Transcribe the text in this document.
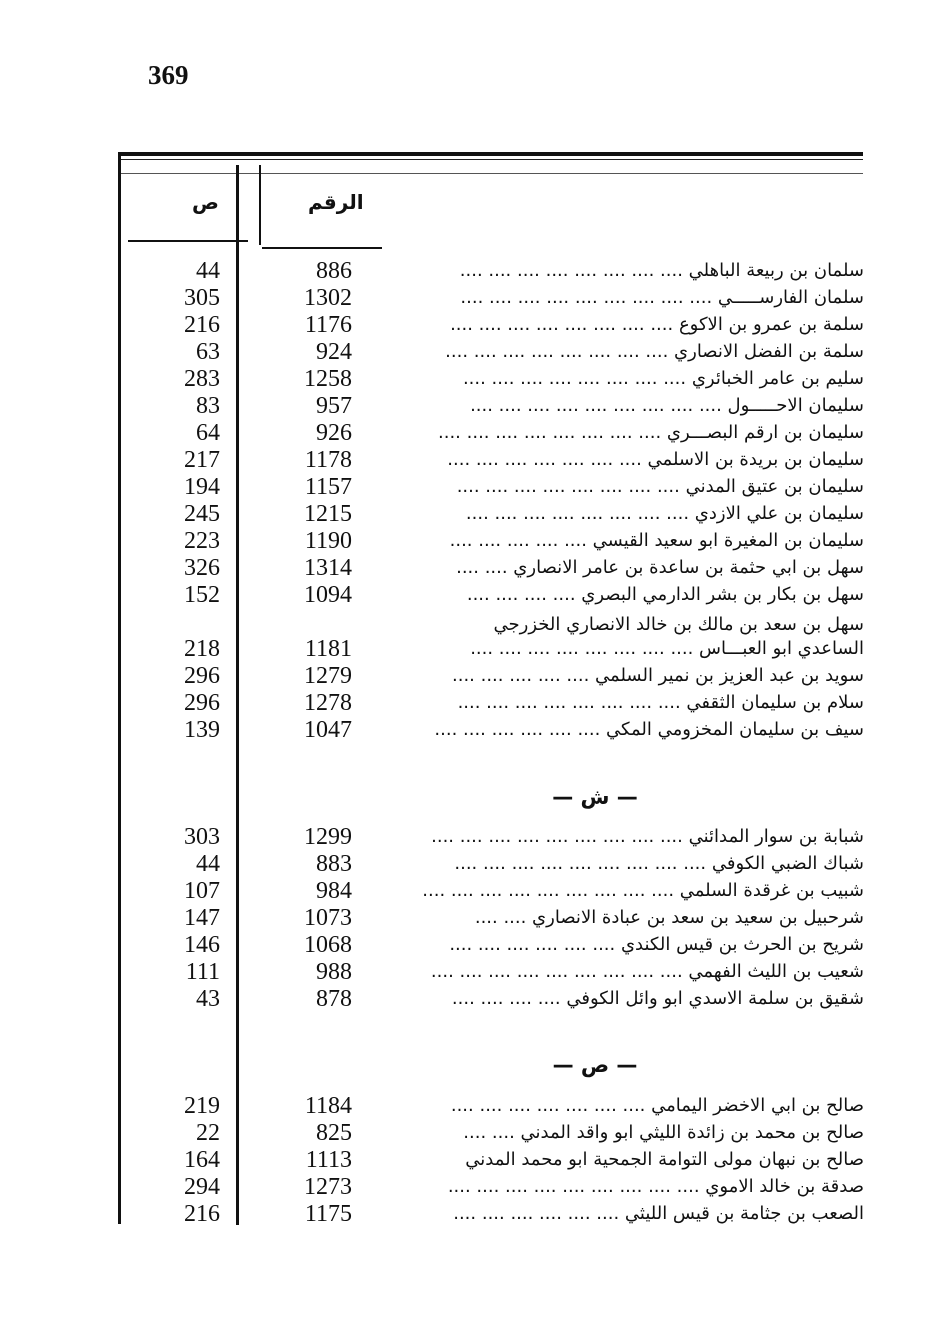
369
ص	الرقم
44	886	سلمان بن ربيعة الباهلي .... .... .... .... .... .... .... ....
305	1302	سلمان الفارســـــي .... .... .... .... .... .... .... .... ....
216	1176	سلمة بن عمرو بن الاكوع .... .... .... .... .... .... .... ....
63	924	سلمة بن الفضل الانصاري .... .... .... .... .... .... .... ....
283	1258	سليم بن عامر الخبائري .... .... .... .... .... .... .... ....
83	957	سليمان الاحـــــول .... .... .... .... .... .... .... .... ....
64	926	سليمان بن ارقم البصـــري .... .... .... .... .... .... .... ....
217	1178	سليمان بن بريدة بن الاسلمي .... .... .... .... .... .... ....
194	1157	سليمان بن عتيق المدني .... .... .... .... .... .... .... ....
245	1215	سليمان بن علي الازدي .... .... .... .... .... .... .... ....
223	1190	سليمان بن المغيرة ابو سعيد القيسي .... .... .... .... ....
326	1314	سهل بن ابي حثمة بن ساعدة بن عامر الانصاري .... ....
152	1094	سهل بن بكار بن بشر الدارمي البصري .... .... .... ....
سهل بن سعد بن مالك بن خالد الانصاري الخزرجي
218	1181	الساعدي ابو العبـــاس .... .... .... .... .... .... .... ....
296	1279	سويد بن عبد العزيز بن نمير السلمي .... .... .... .... ....
296	1278	سلام بن سليمان الثقفي .... .... .... .... .... .... .... ....
139	1047	سيف بن سليمان المخزومي المكي .... .... .... .... .... ....
— ش —
303	1299	شبابة بن سوار المدائني .... .... .... .... .... .... .... .... ....
44	883	شباك الضبي الكوفي .... .... .... .... .... .... .... .... ....
107	984	شبيب بن غرقدة السلمي .... .... .... .... .... .... .... .... ....
147	1073	شرحبيل بن سعيد بن سعد بن عبادة الانصاري .... ....
146	1068	شريح بن الحرث بن قيس الكندي .... .... .... .... .... ....
111	988	شعيب بن الليث الفهمي .... .... .... .... .... .... .... .... ....
43	878	شقيق بن سلمة الاسدي ابو وائل الكوفي .... .... .... ....
— ص —
219	1184	صالح بن ابي الاخضر اليمامي .... .... .... .... .... .... ....
22	825	صالح بن محمد بن زائدة الليثي ابو واقد المدني .... ....
164	1113	صالح بن نبهان مولى التوامة الجمحية ابو محمد المدني
294	1273	صدقة بن خالد الاموي .... .... .... .... .... .... .... .... ....
216	1175	الصعب بن جثامة بن قيس الليثي .... .... .... .... .... ....
